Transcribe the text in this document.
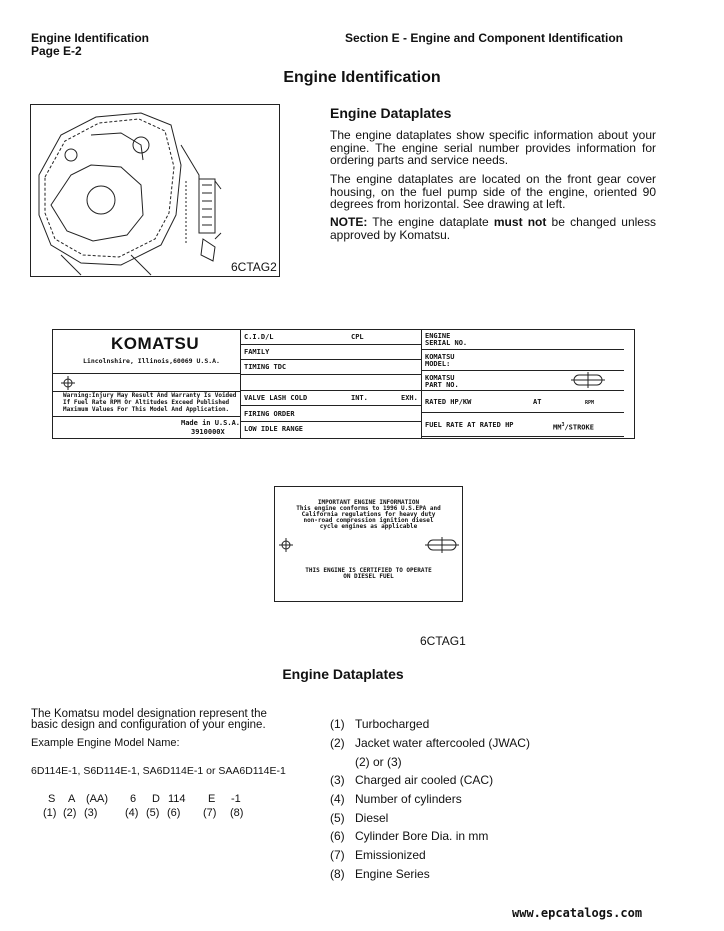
Engine Identification
Page E-2
Section E - Engine and Component Identification
Engine Identification
6CTAG2
Engine Dataplates
The engine dataplates show specific information about your engine. The engine serial number provides information for ordering parts and service needs.
The engine dataplates are located on the front gear cover housing, on the fuel pump side of the engine, oriented 90 degrees from horizontal. See drawing at left.
NOTE: The engine dataplate must not be changed unless approved by Komatsu.
KOMATSU
Lincolnshire, Illinois,60069 U.S.A.
Warning:Injury May Result And Warranty Is Voided If Fuel Rate RPM Or Altitudes Exceed Published Maximum Values For This Model And Application.
Made in U.S.A.
3910000X
C.I.D/L	CPL
FAMILY
TIMING TDC
VALVE LASH COLD	INT.	EXH.
FIRING ORDER
LOW IDLE RANGE
ENGINE
SERIAL NO.
KOMATSU
MODEL:
KOMATSU
PART NO.
RATED HP/KW	AT	RPM
FUEL RATE AT RATED HP	$MM^3$/STROKE
IMPORTANT ENGINE INFORMATION
This engine conforms to 1996 U.S.EPA and
California regulations for heavy duty
non-road compression ignition diesel
cycle engines as applicable
THIS ENGINE IS CERTIFIED TO OPERATE
ON DIESEL FUEL
6CTAG1
Engine Dataplates
The Komatsu model designation represent the basic design and configuration of your engine.
Example Engine Model Name:
6D114E-1, S6D114E-1, SA6D114E-1 or SAA6D114E-1
S A (AA) 6 D 114 E -1
(1) (2) (3)	(4) (5) (6) (7) (8)
(1) Turbocharged
(2) Jacket water aftercooled (JWAC)
(2) or (3)
(3) Charged air cooled (CAC)
(4) Number of cylinders
(5) Diesel
(6) Cylinder Bore Dia. in mm
(7) Emissionized
(8) Engine Series
www.epcatalogs.com
